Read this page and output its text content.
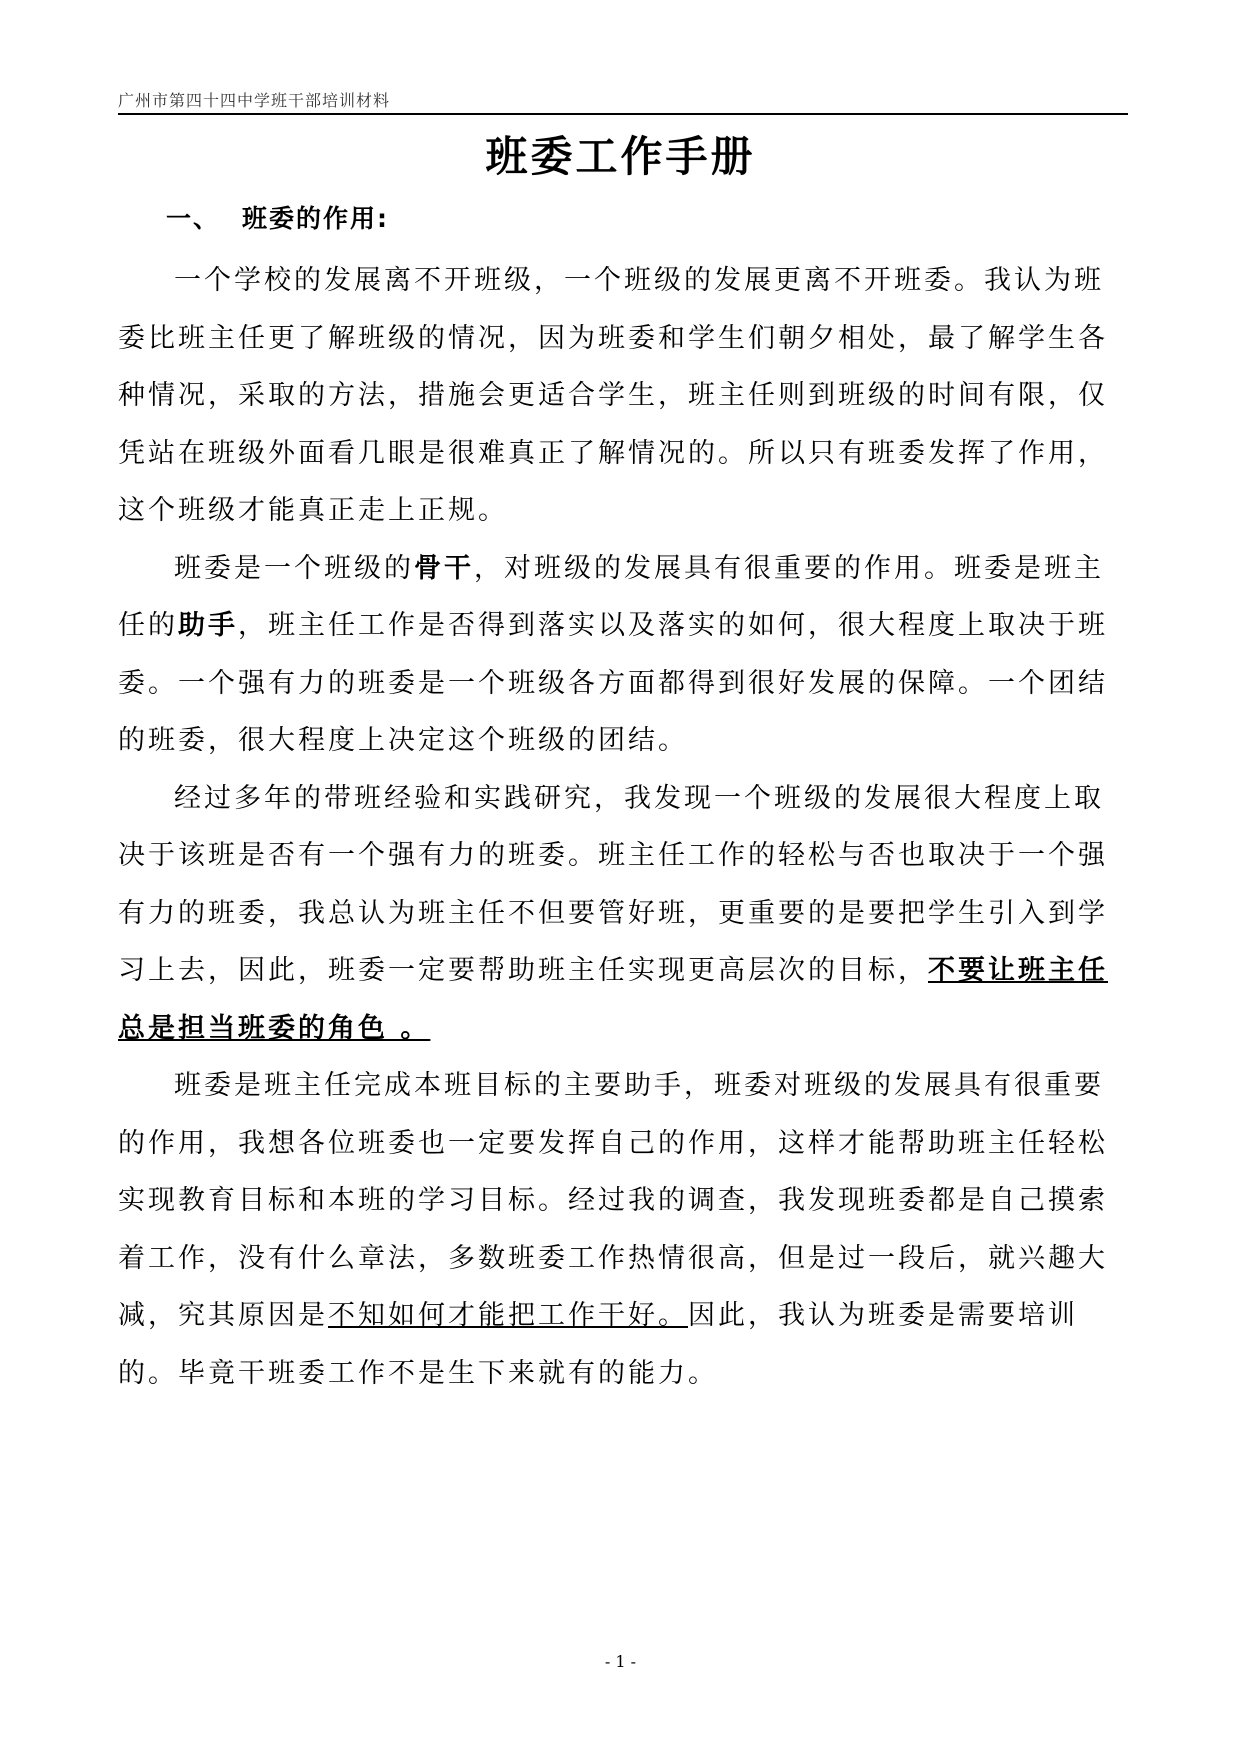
广州市第四十四中学班干部培训材料
班委工作手册
一、 班委的作用:

一个学校的发展离不开班级，一个班级的发展更离不开班委。我认为班委比班主任更了解班级的情况，因为班委和学生们朝夕相处，最了解学生各种情况，采取的方法，措施会更适合学生，班主任则到班级的时间有限，仅凭站在班级外面看几眼是很难真正了解情况的。所以只有班委发挥了作用，这个班级才能真正走上正规。

班委是一个班级的骨干，对班级的发展具有很重要的作用。班委是班主任的助手，班主任工作是否得到落实以及落实的如何，很大程度上取决于班委。一个强有力的班委是一个班级各方面都得到很好发展的保障。一个团结的班委，很大程度上决定这个班级的团结。

经过多年的带班经验和实践研究，我发现一个班级的发展很大程度上取决于该班是否有一个强有力的班委。班主任工作的轻松与否也取决于一个强有力的班委，我总认为班主任不但要管好班，更重要的是要把学生引入到学习上去，因此，班委一定要帮助班主任实现更高层次的目标，不要让班主任总是担当班委的角色 。

班委是班主任完成本班目标的主要助手，班委对班级的发展具有很重要的作用，我想各位班委也一定要发挥自己的作用，这样才能帮助班主任轻松实现教育目标和本班的学习目标。经过我的调查，我发现班委都是自己摸索着工作，没有什么章法，多数班委工作热情很高，但是过一段后，就兴趣大减，究其原因是不知如何才能把工作干好。因此，我认为班委是需要培训的。毕竟干班委工作不是生下来就有的能力。

- 1 -
